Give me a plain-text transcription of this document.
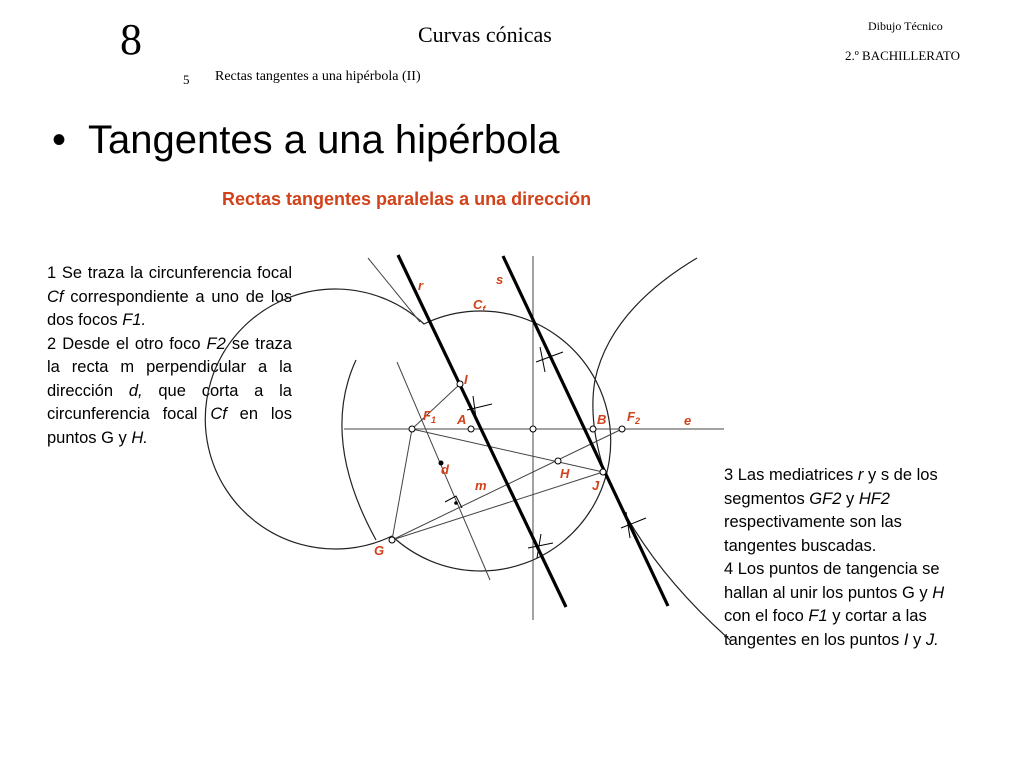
8	Curvas cónicas	Dibujo Técnico
2.º BACHILLERATO
5 Rectas tangentes a una hipérbola (II)
• Tangentes a una hipérbola
Rectas tangentes paralelas a una dirección

1 Se traza la circunferencia focal Cf correspondiente a uno de los dos focos F1.

2 Desde el otro foco F2 se traza la recta m perpendicular a la dirección d, que corta a la circunferencia focal Cf en los puntos G y H.

3 Las mediatrices r y s de los segmentos GF2 y HF2 respectivamente son las tangentes buscadas.

4 Los puntos de tangencia se hallan al unir los puntos G y H con el foco F1 y cortar a las tangentes en los puntos I y J.

r	s
$C_f$
I
$F_1$ A	B $F_2$	e
H
J
d
m
G
